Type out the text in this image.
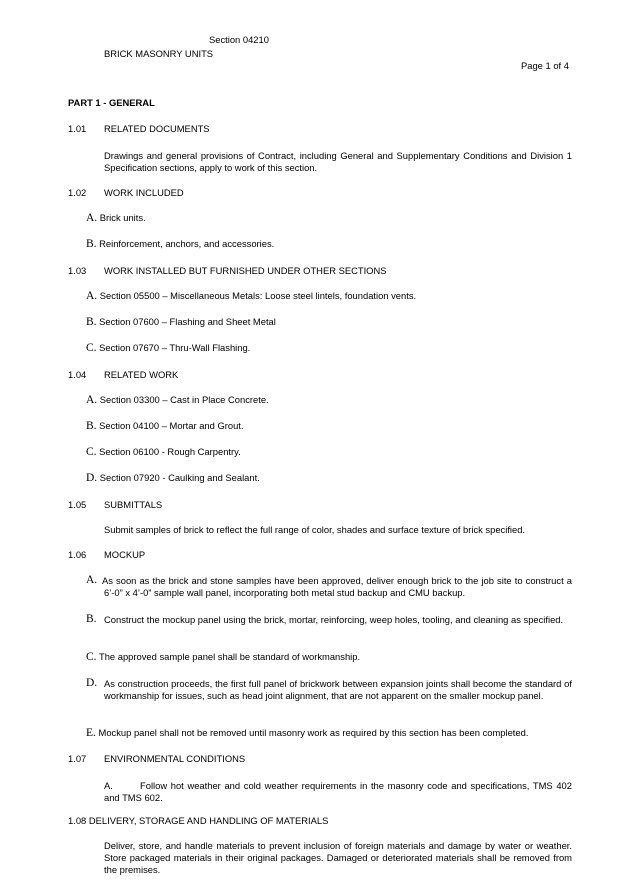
Section 04210
BRICK MASONRY UNITS
Page 1 of 4
PART 1 - GENERAL
1.01 RELATED DOCUMENTS
Drawings and general provisions of Contract, including General and Supplementary Conditions and Division 1 Specification sections, apply to work of this section.
1.02 WORK INCLUDED
A. Brick units.
B. Reinforcement, anchors, and accessories.
1.03 WORK INSTALLED BUT FURNISHED UNDER OTHER SECTIONS
A. Section 05500 – Miscellaneous Metals: Loose steel lintels, foundation vents.
B. Section 07600 – Flashing and Sheet Metal
C. Section 07670 – Thru-Wall Flashing.
1.04 RELATED WORK
A. Section 03300 – Cast in Place Concrete.
B. Section 04100 – Mortar and Grout.
C. Section 06100 - Rough Carpentry.
D. Section 07920 - Caulking and Sealant.
1.05 SUBMITTALS
Submit samples of brick to reflect the full range of color, shades and surface texture of brick specified.
1.06 MOCKUP
A. As soon as the brick and stone samples have been approved, deliver enough brick to the job site to construct a 6’-0” x 4’-0” sample wall panel, incorporating both metal stud backup and CMU backup.
B. Construct the mockup panel using the brick, mortar, reinforcing, weep holes, tooling, and cleaning as specified.
C. The approved sample panel shall be standard of workmanship.
D. As construction proceeds, the first full panel of brickwork between expansion joints shall become the standard of workmanship for issues, such as head joint alignment, that are not apparent on the smaller mockup panel.
E. Mockup panel shall not be removed until masonry work as required by this section has been completed.
1.07 ENVIRONMENTAL CONDITIONS
A.	Follow hot weather and cold weather requirements in the masonry code and specifications, TMS 402 and TMS 602.
1.08 DELIVERY, STORAGE AND HANDLING OF MATERIALS
Deliver, store, and handle materials to prevent inclusion of foreign materials and damage by water or weather. Store packaged materials in their original packages. Damaged or deteriorated materials shall be removed from the premises.
